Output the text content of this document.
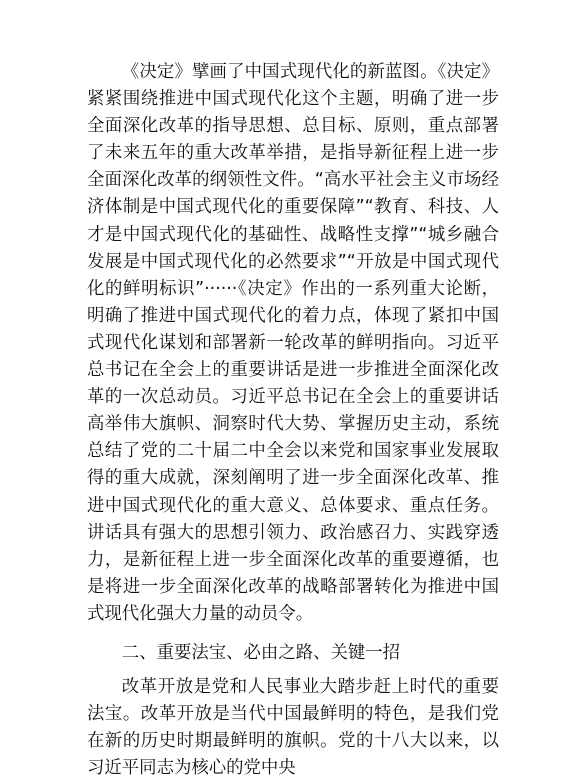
《决定》擘画了中国式现代化的新蓝图。《决定》紧紧围绕推进中国式现代化这个主题，明确了进一步全面深化改革的指导思想、总目标、原则，重点部署了未来五年的重大改革举措，是指导新征程上进一步全面深化改革的纲领性文件。“高水平社会主义市场经济体制是中国式现代化的重要保障”“教育、科技、人才是中国式现代化的基础性、战略性支撑”“城乡融合发展是中国式现代化的必然要求”“开放是中国式现代化的鲜明标识”······《决定》作出的一系列重大论断，明确了推进中国式现代化的着力点，体现了紧扣中国式现代化谋划和部署新一轮改革的鲜明指向。习近平总书记在全会上的重要讲话是进一步推进全面深化改革的一次总动员。习近平总书记在全会上的重要讲话高举伟大旗帜、洞察时代大势、掌握历史主动，系统总结了党的二十届二中全会以来党和国家事业发展取得的重大成就，深刻阐明了进一步全面深化改革、推进中国式现代化的重大意义、总体要求、重点任务。讲话具有强大的思想引领力、政治感召力、实践穿透力，是新征程上进一步全面深化改革的重要遵循，也是将进一步全面深化改革的战略部署转化为推进中国式现代化强大力量的动员令。

二、重要法宝、必由之路、关键一招

改革开放是党和人民事业大踏步赶上时代的重要法宝。改革开放是当代中国最鲜明的特色，是我们党在新的历史时期最鲜明的旗帜。党的十八大以来，以习近平同志为核心的党中央
